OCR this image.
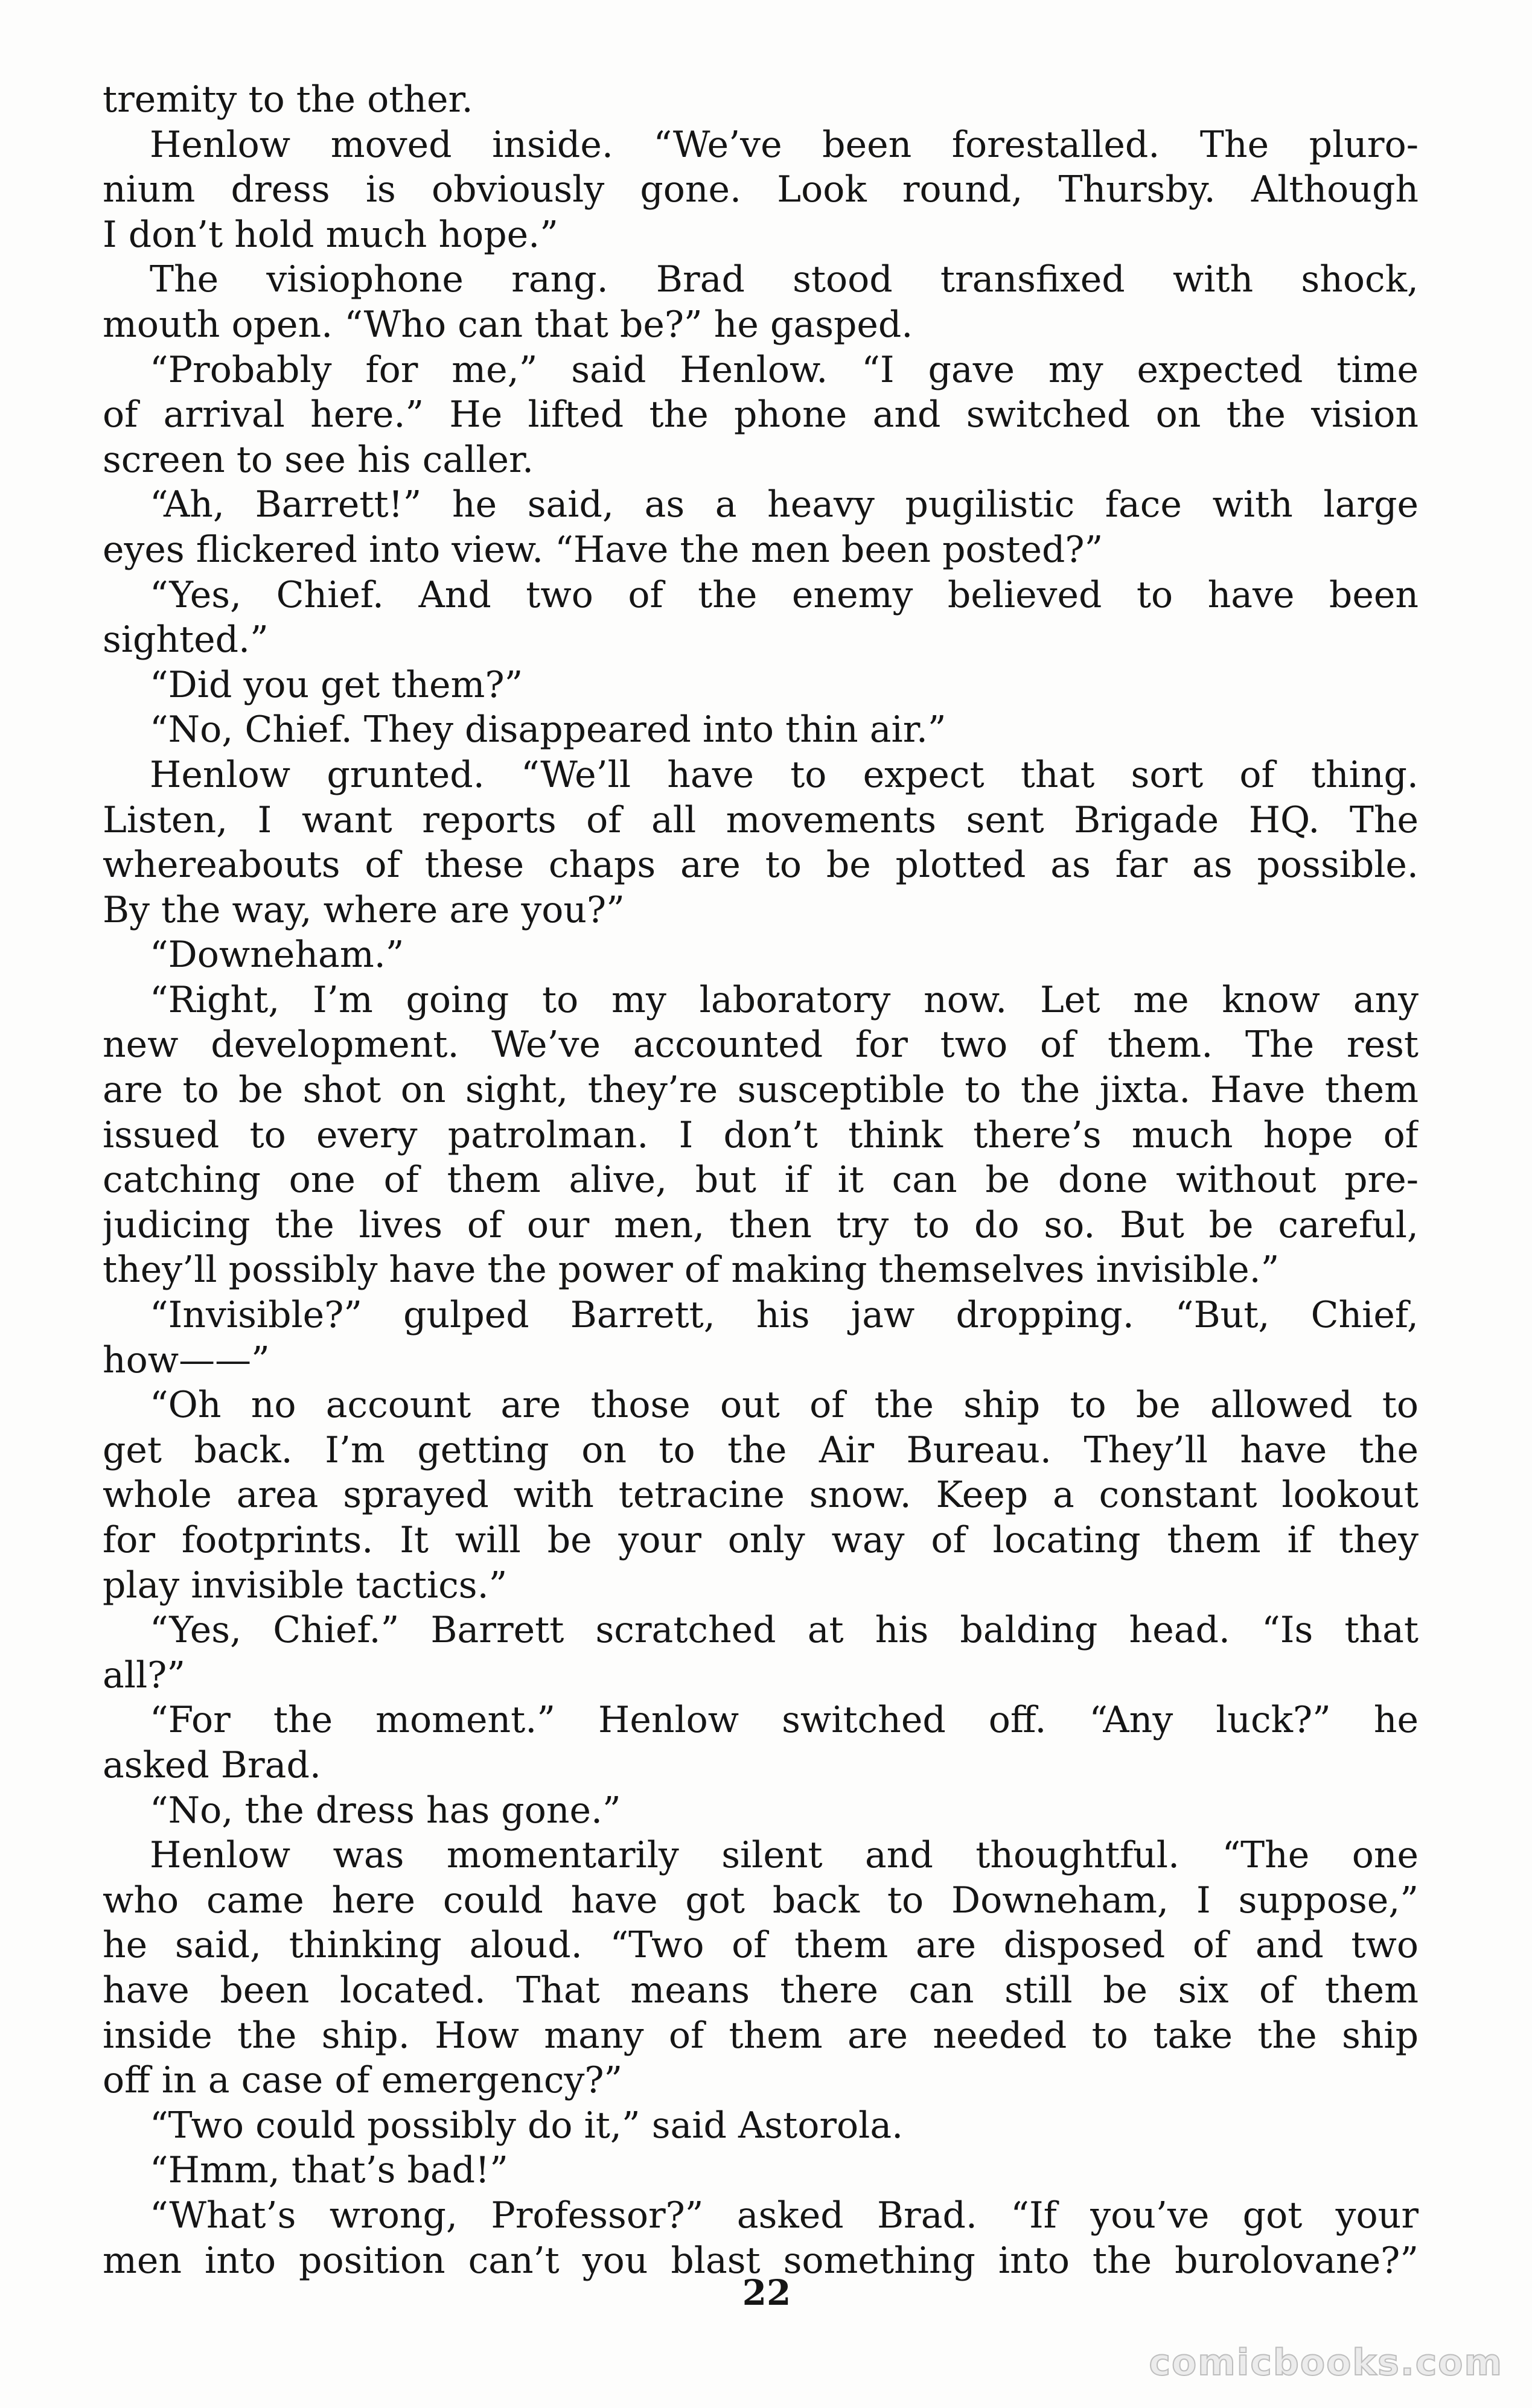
tremity to the other.
Henlow moved inside. “We’ve been forestalled. The pluro-
nium dress is obviously gone. Look round, Thursby. Although
I don’t hold much hope.”
The visiophone rang. Brad stood transfixed with shock,
mouth open. “Who can that be?” he gasped.
“Probably for me,” said Henlow. “I gave my expected time
of arrival here.” He lifted the phone and switched on the vision
screen to see his caller.
“Ah, Barrett!” he said, as a heavy pugilistic face with large
eyes flickered into view. “Have the men been posted?”
“Yes, Chief. And two of the enemy believed to have been
sighted.”
“Did you get them?”
“No, Chief. They disappeared into thin air.”
Henlow grunted. “We’ll have to expect that sort of thing.
Listen, I want reports of all movements sent Brigade HQ. The
whereabouts of these chaps are to be plotted as far as possible.
By the way, where are you?”
“Downeham.”
“Right, I’m going to my laboratory now. Let me know any
new development. We’ve accounted for two of them. The rest
are to be shot on sight, they’re susceptible to the jixta. Have them
issued to every patrolman. I don’t think there’s much hope of
catching one of them alive, but if it can be done without pre-
judicing the lives of our men, then try to do so. But be careful,
they’ll possibly have the power of making themselves invisible.”
“Invisible?” gulped Barrett, his jaw dropping. “But, Chief,
how——”
“Oh no account are those out of the ship to be allowed to
get back. I’m getting on to the Air Bureau. They’ll have the
whole area sprayed with tetracine snow. Keep a constant lookout
for footprints. It will be your only way of locating them if they
play invisible tactics.”
“Yes, Chief.” Barrett scratched at his balding head. “Is that
all?”
“For the moment.” Henlow switched off. “Any luck?” he
asked Brad.
“No, the dress has gone.”
Henlow was momentarily silent and thoughtful. “The one
who came here could have got back to Downeham, I suppose,”
he said, thinking aloud. “Two of them are disposed of and two
have been located. That means there can still be six of them
inside the ship. How many of them are needed to take the ship
off in a case of emergency?”
“Two could possibly do it,” said Astorola.
“Hmm, that’s bad!”
“What’s wrong, Professor?” asked Brad. “If you’ve got your
men into position can’t you blast something into the burolovane?”
22
comicbooks.com
